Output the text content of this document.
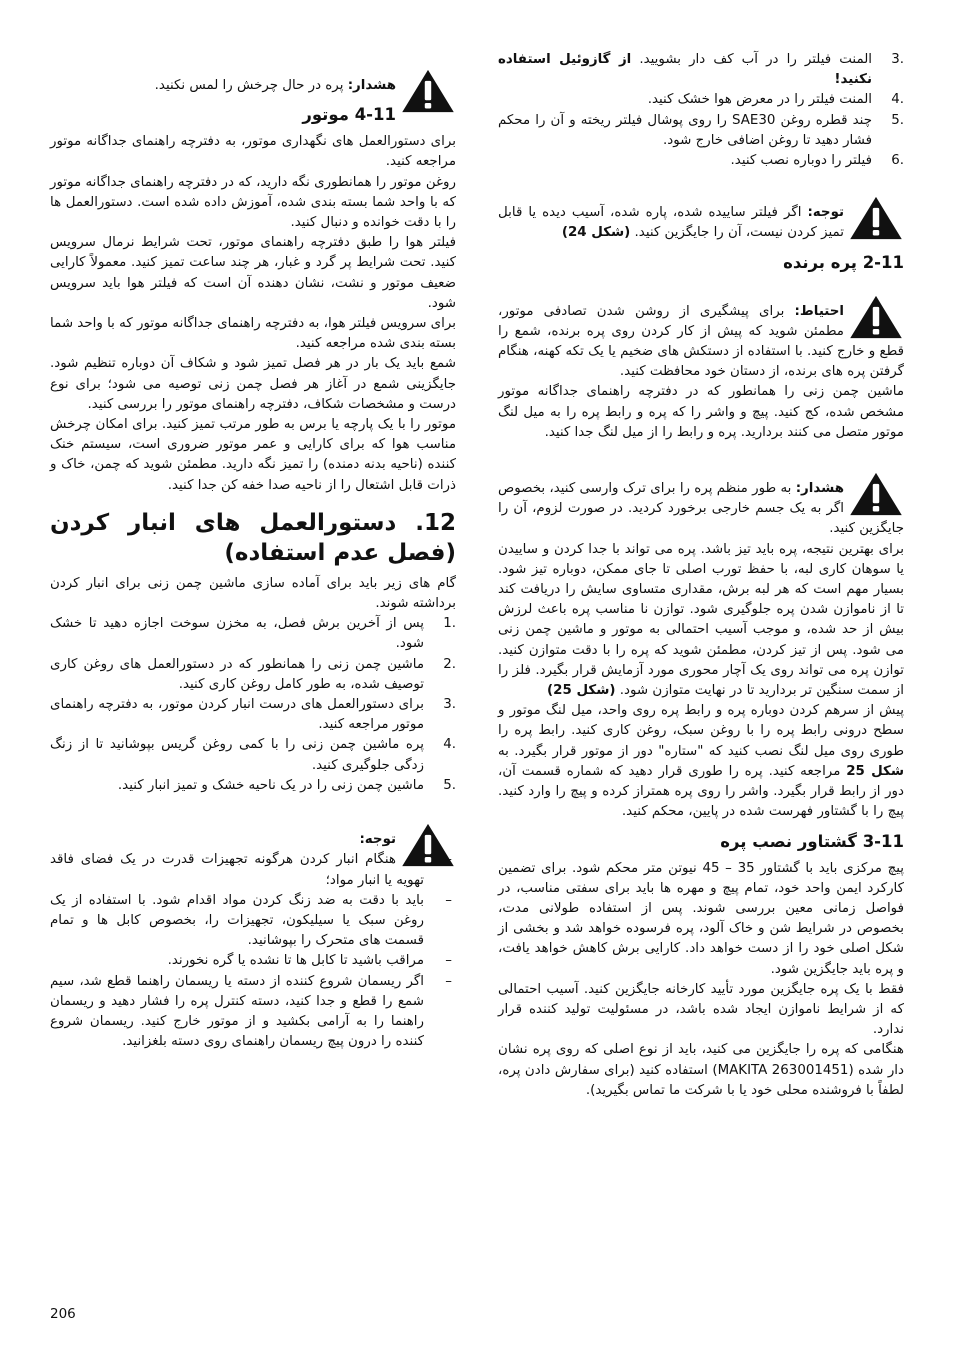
3.
المنت فیلتر را در آب کف دار بشویید. از گازوئیل استفاده نکنید!
4.
المنت فیلتر را در معرض هوا خشک کنید.
5.
چند قطره روغن SAE30 را روی پوشال فیلتر ریخته و آن را محکم فشار دهید تا روغن اضافی خارج شود.
6.
فیلتر را دوباره نصب کنید.

توجه: اگر فیلتر ساییده شده، پاره شده، آسیب دیده یا قابل تمیز کردن نیست، آن را جایگزین کنید. (شکل 24)

2-11 پره برنده

احتیاط: برای پیشگیری از روشن شدن تصادفی موتور، مطمئن شوید که پیش از کار کردن روی پره برنده، شمع را قطع و خارج کنید. با استفاده از دستکش های ضخیم یا یک تکه کهنه، هنگام گرفتن پره های برنده، از دستان خود محافظت کنید.

ماشین چمن زنی را همانطور که در دفترچه راهنمای جداگانه موتور مشخص شده، کج کنید. پیچ و واشر را که پره و رابط پره را به میل لنگ موتور متصل می کنند بردارید. پره و رابط را از میل لنگ جدا کنید.

هشدار: به طور منظم پره را برای ترک وارسی کنید، بخصوص اگر به یک جسم خارجی برخورد کردید. در صورت لزوم، آن را جایگزین کنید.

برای بهترین نتیجه، پره باید تیز باشد. پره می تواند با جدا کردن و ساییدن یا سوهان کاری لبه، با حفظ تورب اصلی تا جای ممکن، دوباره تیز شود. بسیار مهم است که هر لبه برش، مقداری متساوی سایش را دریافت کند تا از ناموازن شدن پره جلوگیری شود. توازن نا مناسب پره باعث لرزش بیش از حد شده، و موجب آسیب احتمالی به موتور و ماشین چمن زنی می شود. پس از تیز کردن، مطمئن شوید که پره را با دقت متوازن کنید. توازن پره می تواند روی یک آچار محوری مورد آزمایش قرار بگیرد. فلز را از سمت سنگین تر بردارید تا در نهایت متوازن شود. (شکل 25)

پیش از سرهم کردن دوباره پره و رابط پره روی واحد، میل لنگ موتور و سطح درونی رابط پره را با روغن سبک، روغن کاری کنید. رابط پره را طوری روی میل لنگ نصب کنید که "ستاره" دور از موتور قرار بگیرد. به شکل 25 مراجعه کنید. پره را طوری قرار دهید که شماره قسمت آن، دور از رابط قرار بگیرد. واشر را روی پره همتراز کرده و پیچ را وارد کنید. پیچ را با گشتاور فهرست شده در پایین، محکم کنید.

3-11 گشتاور نصب پره

پیچ مرکزی باید با گشتاور 35 – 45 نیوتن متر محکم شود. برای تضمین کارکرد ایمن واحد خود، تمام پیچ و مهره ها باید برای سفتی مناسب، در فواصل زمانی معین بررسی شوند. پس از استفاده طولانی مدت، بخصوص در شرایط شن و خاک آلود، پره فرسوده خواهد شد و بخشی از شکل اصلی خود را از دست خواهد داد. کارایی برش کاهش خواهد یافت، و پره باید جایگزین شود.

فقط با یک پره جایگزین مورد تأیید کارخانه جایگزین کنید. آسیب احتمالی که از شرایط ناموازن ایجاد شده باشد، در مسئولیت تولید کننده قرار ندارد.

هنگامی که پره را جایگزین می کنید، باید از نوع اصلی که روی پره نشان دار شده (MAKITA 263001451) استفاده کنید (برای سفارش دادن پره، لطفاً با فروشنده محلی خود یا با شرکت ما تماس بگیرید).

هشدار: پره در حال چرخش را لمس نکنید.

4-11 موتور

برای دستورالعمل های نگهداری موتور، به دفترچه راهنمای جداگانه موتور مراجعه کنید.

روغن موتور را همانطوری نگه دارید، که در دفترچه راهنمای جداگانه موتور که با واحد شما بسته بندی شده، آموزش داده شده است. دستورالعمل ها را با دقت خوانده و دنبال کنید.

فیلتر هوا را طبق دفترچه راهنمای موتور، تحت شرایط نرمال سرویس کنید. تحت شرایط پر گرد و غبار، هر چند ساعت تمیز کنید. معمولاً کارایی ضعیف موتور و نشت، نشان دهنده آن است که فیلتر هوا باید سرویس شود.

برای سرویس فیلتر هوا، به دفترچه راهنمای جداگانه موتور که با واحد شما بسته بندی شده مراجعه کنید.

شمع باید یک بار در هر فصل تمیز شود و شکاف آن دوباره تنظیم شود. جایگزینی شمع در آغاز هر فصل چمن زنی توصیه می شود؛ برای نوع درست و مشخصات شکاف، دفترچه راهنمای موتور را بررسی کنید.

موتور را با یک پارچه یا برس به طور مرتب تمیز کنید. برای امکان چرخش مناسب هوا که برای کارایی و عمر موتور ضروری است، سیستم خنک کننده (ناحیه بدنه دمنده) را تمیز نگه دارید. مطمئن شوید که چمن، خاک و ذرات قابل اشتعال را از ناحیه صدا خفه کن جدا کنید.

12. دستورالعمل های انبار کردن (فصل عدم استفاده)

گام های زیر باید برای آماده سازی ماشین چمن زنی برای انبار کردن برداشته شوند.

1.
پس از آخرین برش فصل، به مخزن سوخت اجازه دهید تا خشک شود.
2.
ماشین چمن زنی را همانطور که در دستورالعمل های روغن کاری توصیف شده، به طور کامل روغن کاری کنید.
3.
برای دستورالعمل های درست انبار کردن موتور، به دفترچه راهنمای موتور مراجعه کنید.
4.
پره ماشین چمن زنی را با کمی روغن گریس بپوشانید تا از زنگ زدگی جلوگیری کنید.
5.
ماشین چمن زنی را در یک ناحیه خشک و تمیز انبار کنید.

توجه:

–
هنگام انبار کردن هرگونه تجهیزات قدرت در یک فضای فاقد تهویه یا انبار مواد؛
–
باید با دقت به ضد زنگ کردن مواد اقدام شود. با استفاده از یک روغن سبک یا سیلیکون، تجهیزات را، بخصوص کابل ها و تمام قسمت های متحرک را بپوشانید.
–
مراقب باشید تا کابل ها تا نشده یا گره نخورند.
–
اگر ریسمان شروع کننده از دسته یا ریسمان راهنما قطع شد، سیم شمع را قطع و جدا کنید، دسته کنترل پره را فشار دهید و ریسمان راهنما را به آرامی بکشید و از موتور خارج کنید. ریسمان شروع کننده را درون پیچ ریسمان راهنمای روی دسته بلغزانید.
206
